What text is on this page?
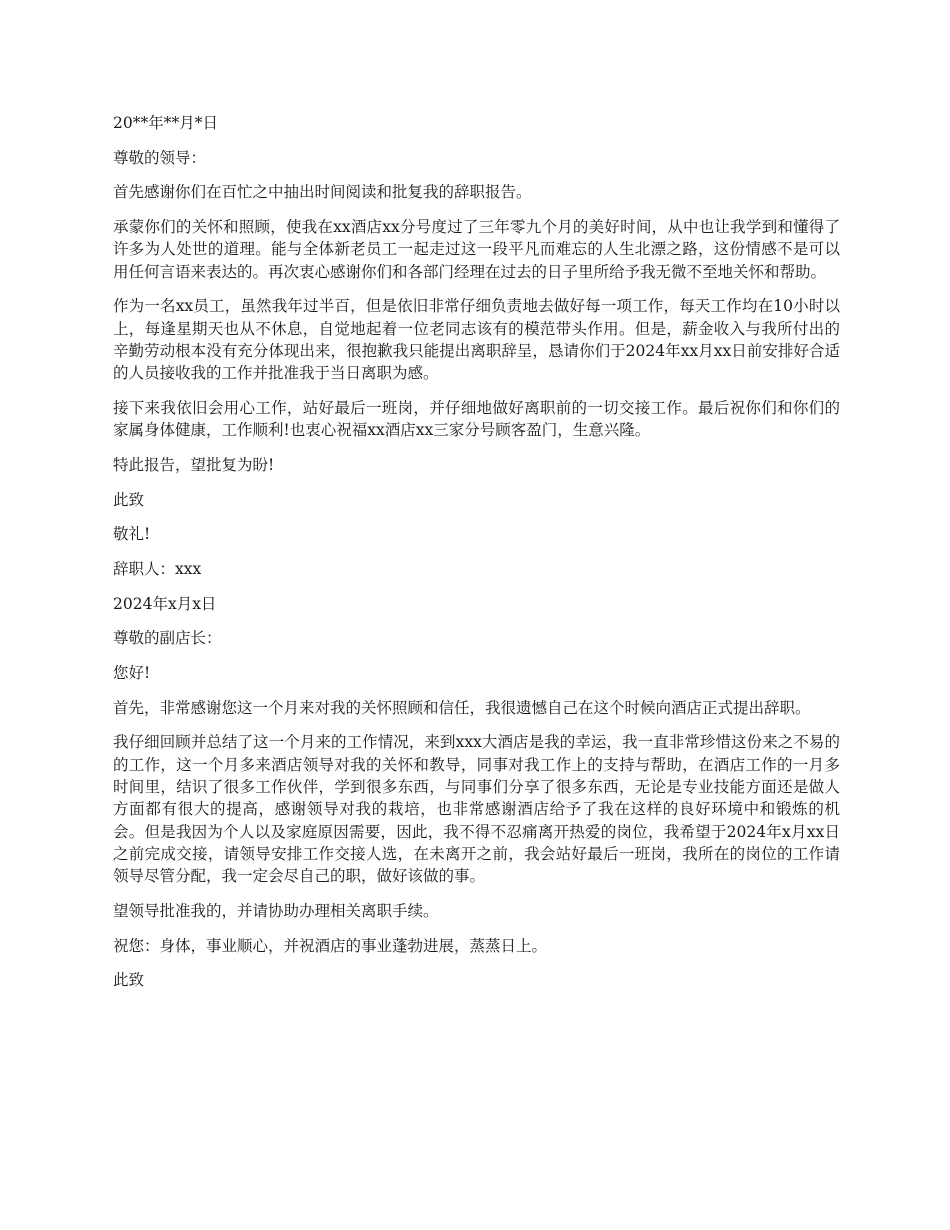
20**年**月*日

尊敬的领导：

首先感谢你们在百忙之中抽出时间阅读和批复我的辞职报告。

承蒙你们的关怀和照顾，使我在xx酒店xx分号度过了三年零九个月的美好时间，从中也让我学到和懂得了许多为人处世的道理。能与全体新老员工一起走过这一段平凡而难忘的人生北漂之路，这份情感不是可以用任何言语来表达的。再次衷心感谢你们和各部门经理在过去的日子里所给予我无微不至地关怀和帮助。

作为一名xx员工，虽然我年过半百，但是依旧非常仔细负责地去做好每一项工作，每天工作均在10小时以上，每逢星期天也从不休息，自觉地起着一位老同志该有的模范带头作用。但是，薪金收入与我所付出的辛勤劳动根本没有充分体现出来，很抱歉我只能提出离职辞呈，恳请你们于2024年xx月xx日前安排好合适的人员接收我的工作并批准我于当日离职为感。

接下来我依旧会用心工作，站好最后一班岗，并仔细地做好离职前的一切交接工作。最后祝你们和你们的家属身体健康，工作顺利!也衷心祝福xx酒店xx三家分号顾客盈门，生意兴隆。

特此报告，望批复为盼!

此致

敬礼!

辞职人：xxx

2024年x月x日

尊敬的副店长：

您好!

首先，非常感谢您这一个月来对我的关怀照顾和信任，我很遗憾自己在这个时候向酒店正式提出辞职。

我仔细回顾并总结了这一个月来的工作情况，来到xxx大酒店是我的幸运，我一直非常珍惜这份来之不易的的工作，这一个月多来酒店领导对我的关怀和教导，同事对我工作上的支持与帮助，在酒店工作的一月多时间里，结识了很多工作伙伴，学到很多东西，与同事们分享了很多东西，无论是专业技能方面还是做人方面都有很大的提高，感谢领导对我的栽培，也非常感谢酒店给予了我在这样的良好环境中和锻炼的机会。但是我因为个人以及家庭原因需要，因此，我不得不忍痛离开热爱的岗位，我希望于2024年x月xx日之前完成交接，请领导安排工作交接人选，在未离开之前，我会站好最后一班岗，我所在的岗位的工作请领导尽管分配，我一定会尽自己的职，做好该做的事。

望领导批准我的，并请协助办理相关离职手续。

祝您：身体，事业顺心，并祝酒店的事业蓬勃进展，蒸蒸日上。

此致
